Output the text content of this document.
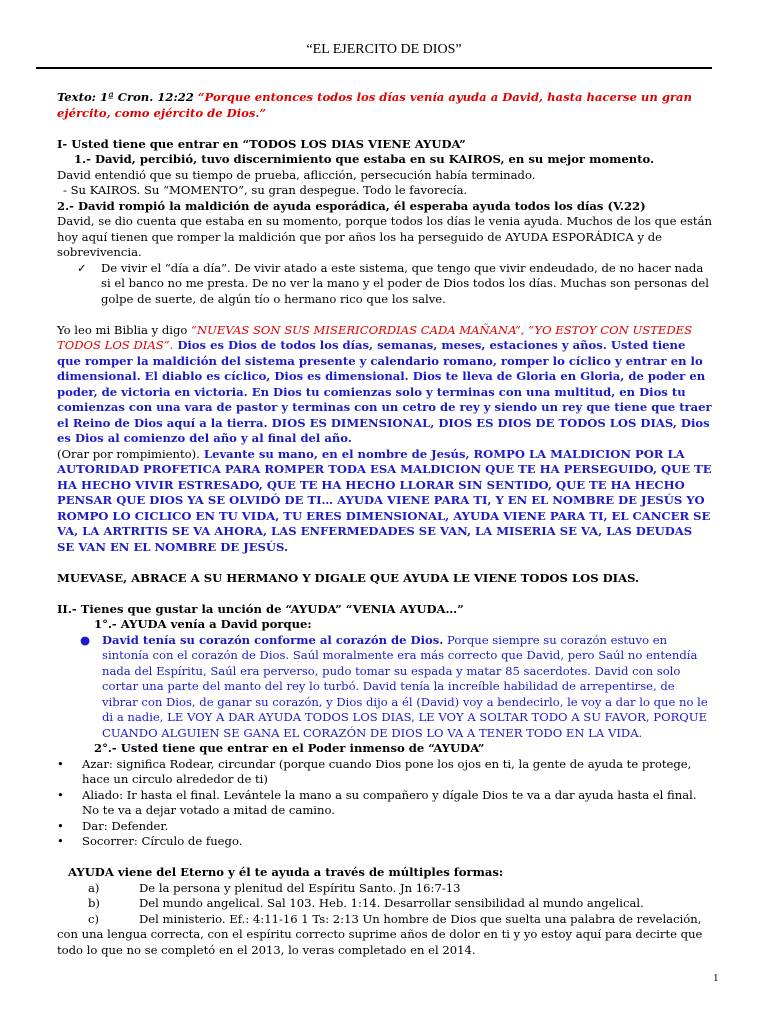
“EL EJERCITO DE DIOS”

Texto: 1ª Cron. 12:22 “Porque entonces todos los días venía ayuda a David, hasta hacerse un gran ejército, como ejército de Dios.”

I- Usted tiene que entrar en “TODOS LOS DIAS VIENE AYUDA”

1.- David, percibió, tuvo discernimiento que estaba en su KAIROS, en su mejor momento.

David entendió que su tiempo de prueba, aflicción, persecución había terminado.

- Su KAIROS. Su “MOMENTO”, su gran despegue. Todo le favorecía.

2.- David rompió la maldición de ayuda esporádica, él esperaba ayuda todos los días (V.22)

David, se dio cuenta que estaba en su momento, porque todos los días le venia ayuda. Muchos de los que están hoy aquí tienen que romper la maldición que por años los ha perseguido de AYUDA ESPORÁDICA y de sobrevivencia.

✓	De vivir el “día a día”. De vivir atado a este sistema, que tengo que vivir endeudado, de no hacer nada si el banco no me presta. De no ver la mano y el poder de Dios todos los días. Muchas son personas del golpe de suerte, de algún tío o hermano rico que los salve.

Yo leo mi Biblia y digo “NUEVAS SON SUS MISERICORDIAS CADA MAÑANA”, “YO ESTOY CON USTEDES TODOS LOS DIAS”. Dios es Dios de todos los días, semanas, meses, estaciones y años. Usted tiene que romper la maldición del sistema presente y calendario romano, romper lo cíclico y entrar en lo dimensional. El diablo es cíclico, Dios es dimensional. Dios te lleva de Gloria en Gloria, de poder en poder, de victoria en victoria. En Dios tu comienzas solo y terminas con una multitud, en Dios tu comienzas con una vara de pastor y terminas con un cetro de rey y siendo un rey que tiene que traer el Reino de Dios aquí a la tierra. DIOS ES DIMENSIONAL, DIOS ES DIOS DE TODOS LOS DIAS, Dios es Dios al comienzo del año y al final del año.

(Orar por rompimiento). Levante su mano, en el nombre de Jesús, ROMPO LA MALDICION POR LA AUTORIDAD PROFETICA PARA ROMPER TODA ESA MALDICION QUE TE HA PERSEGUIDO, QUE TE HA HECHO VIVIR ESTRESADO, QUE TE HA HECHO LLORAR SIN SENTIDO, QUE TE HA HECHO PENSAR QUE DIOS YA SE OLVIDÓ DE TI… AYUDA VIENE PARA TI, Y EN EL NOMBRE DE JESÚS YO ROMPO LO CICLICO EN TU VIDA, TU ERES DIMENSIONAL, AYUDA VIENE PARA TI, EL CANCER SE VA, LA ARTRITIS SE VA AHORA, LAS ENFERMEDADES SE VAN, LA MISERIA SE VA, LAS DEUDAS SE VAN EN EL NOMBRE DE JESÚS.

MUEVASE, ABRACE A SU HERMANO Y DIGALE QUE AYUDA LE VIENE TODOS LOS DIAS.

II.- Tienes que gustar la unción de “AYUDA” “VENIA AYUDA…”

1°.- AYUDA venía a David porque:

●	David tenía su corazón conforme al corazón de Dios. Porque siempre su corazón estuvo en sintonía con el corazón de Dios. Saúl moralmente era más correcto que David, pero Saúl no entendía nada del Espíritu, Saúl era perverso, pudo tomar su espada y matar 85 sacerdotes. David con solo cortar una parte del manto del rey lo turbó. David tenía la increíble habilidad de arrepentirse, de vibrar con Dios, de ganar su corazón, y Dios dijo a él (David) voy a bendecirlo, le voy a dar lo que no le di a nadie, LE VOY A DAR AYUDA TODOS LOS DIAS, LE VOY A SOLTAR TODO A SU FAVOR, PORQUE CUANDO ALGUIEN SE GANA EL CORAZÓN DE DIOS LO VA A TENER TODO EN LA VIDA.

2°.- Usted tiene que entrar en el Poder inmenso de “AYUDA”

•	Azar: significa Rodear, circundar (porque cuando Dios pone los ojos en ti, la gente de ayuda te protege, hace un circulo alrededor de ti)
•	Aliado: Ir hasta el final. Levántele la mano a su compañero y dígale Dios te va a dar ayuda hasta el final. No te va a dejar votado a mitad de camino.
•	Dar: Defender.
•	Socorrer: Círculo de fuego.

AYUDA viene del Eterno y él te ayuda a través de múltiples formas:

a)	De la persona y plenitud del Espíritu Santo. Jn 16:7-13
b)	Del mundo angelical. Sal 103. Heb. 1:14. Desarrollar sensibilidad al mundo angelical.

c)	Del ministerio. Ef.: 4:11-16 1 Ts: 2:13 Un hombre de Dios que suelta una palabra de revelación, con una lengua correcta, con el espíritu correcto suprime años de dolor en ti y yo estoy aquí para decirte que todo lo que no se completó en el 2013, lo veras completado en el 2014.

1
